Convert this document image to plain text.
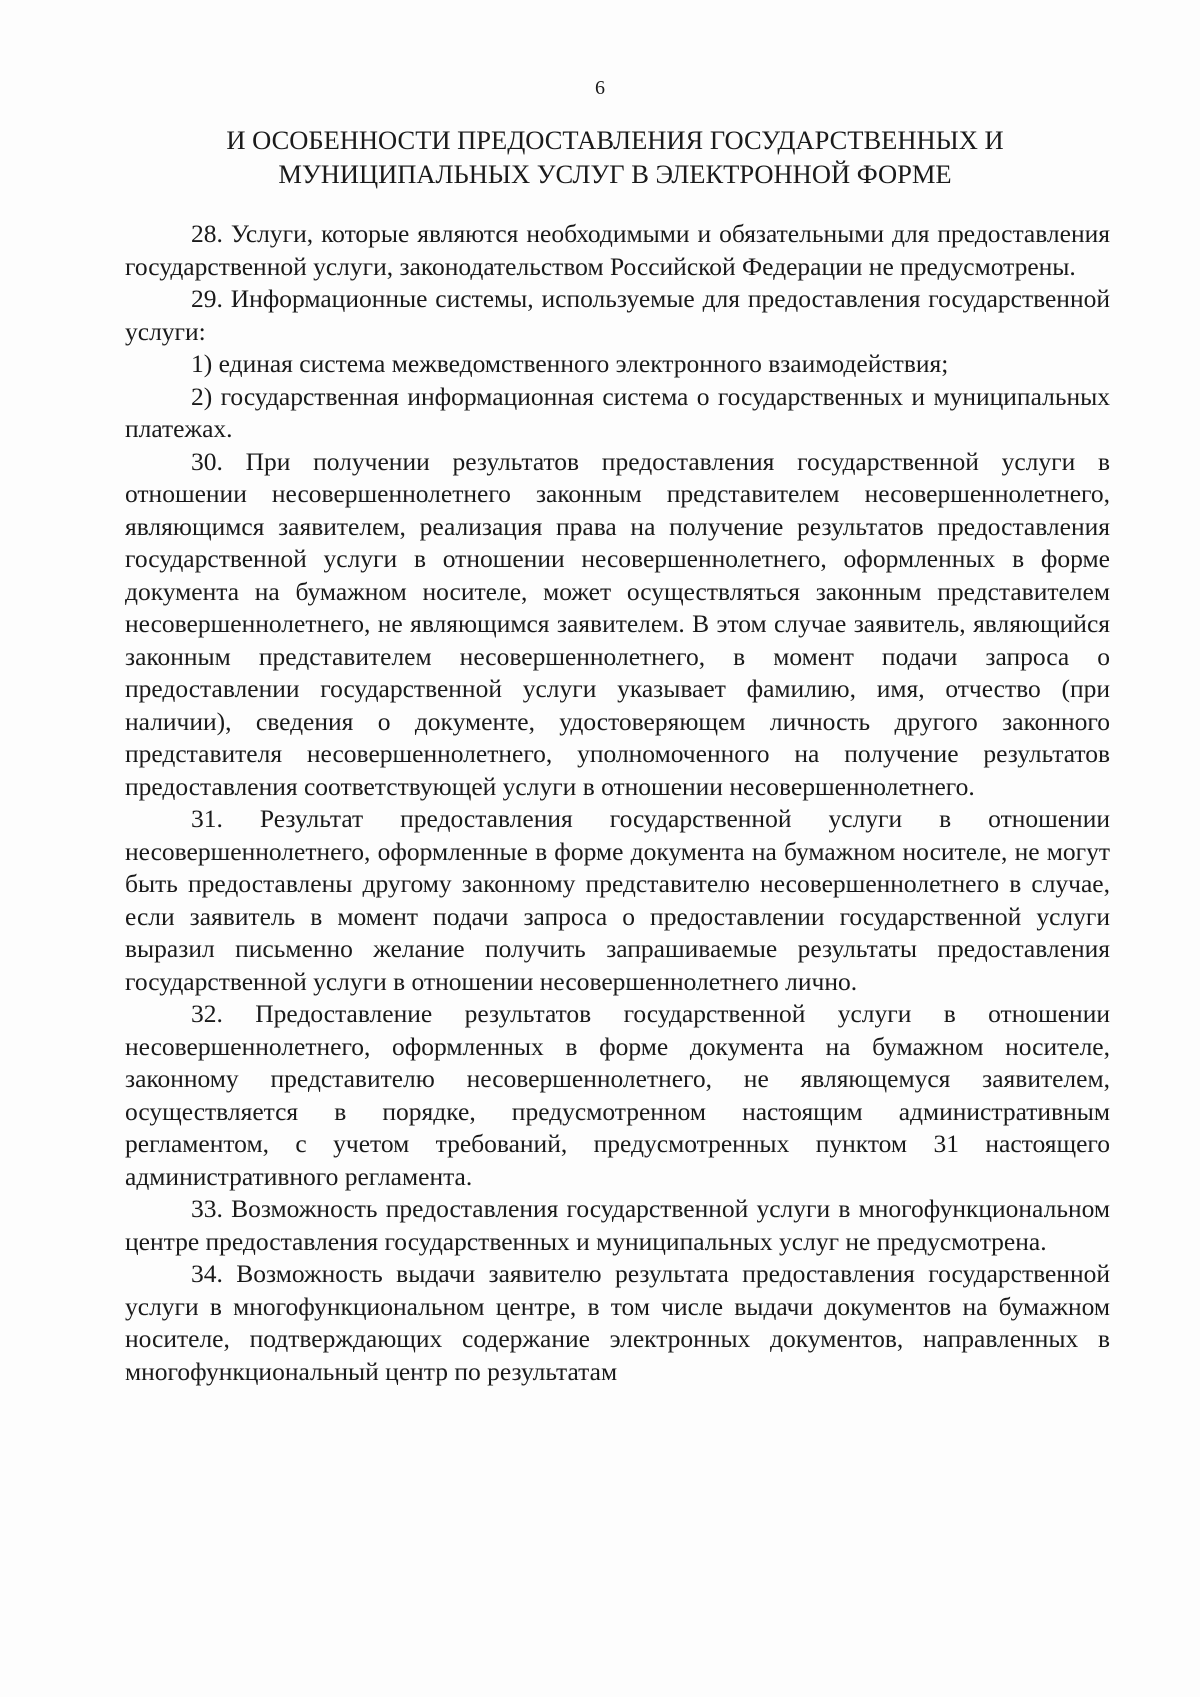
6
И ОСОБЕННОСТИ ПРЕДОСТАВЛЕНИЯ ГОСУДАРСТВЕННЫХ И
МУНИЦИПАЛЬНЫХ УСЛУГ В ЭЛЕКТРОННОЙ ФОРМЕ

28. Услуги, которые являются необходимыми и обязательными для предоставления государственной услуги, законодательством Российской Федерации не предусмотрены.

29. Информационные системы, используемые для предоставления государственной услуги:

1) единая система межведомственного электронного взаимодействия;

2) государственная информационная система о государственных и муниципальных платежах.

30. При получении результатов предоставления государственной услуги в отношении несовершеннолетнего законным представителем несовершеннолетнего, являющимся заявителем, реализация права на получение результатов предоставления государственной услуги в отношении несовершеннолетнего, оформленных в форме документа на бумажном носителе, может осуществляться законным представителем несовершеннолетнего, не являющимся заявителем. В этом случае заявитель, являющийся законным представителем несовершеннолетнего, в момент подачи запроса о предоставлении государственной услуги указывает фамилию, имя, отчество (при наличии), сведения о документе, удостоверяющем личность другого законного представителя несовершеннолетнего, уполномоченного на получение результатов предоставления соответствующей услуги в отношении несовершеннолетнего.

31. Результат предоставления государственной услуги в отношении несовершеннолетнего, оформленные в форме документа на бумажном носителе, не могут быть предоставлены другому законному представителю несовершеннолетнего в случае, если заявитель в момент подачи запроса о предоставлении государственной услуги выразил письменно желание получить запрашиваемые результаты предоставления государственной услуги в отношении несовершеннолетнего лично.

32. Предоставление результатов государственной услуги в отношении несовершеннолетнего, оформленных в форме документа на бумажном носителе, законному представителю несовершеннолетнего, не являющемуся заявителем, осуществляется в порядке, предусмотренном настоящим административным регламентом, с учетом требований, предусмотренных пунктом 31 настоящего административного регламента.

33. Возможность предоставления государственной услуги в многофункциональном центре предоставления государственных и муниципальных услуг не предусмотрена.

34. Возможность выдачи заявителю результата предоставления государственной услуги в многофункциональном центре, в том числе выдачи документов на бумажном носителе, подтверждающих содержание электронных документов, направленных в многофункциональный центр по результатам
